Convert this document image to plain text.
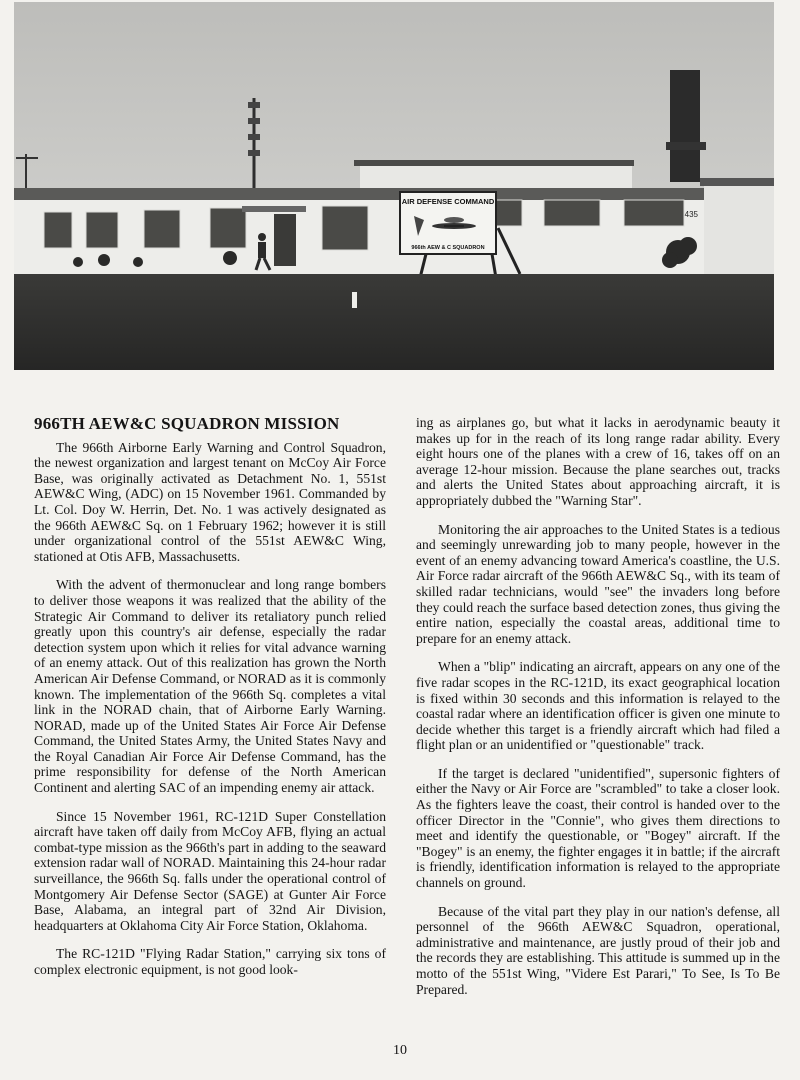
AIR DEFENSE COMMAND
966th AEW & C SQUADRON
435
966TH AEW&C SQUADRON MISSION

The 966th Airborne Early Warning and Control Squadron, the newest organization and largest tenant on McCoy Air Force Base, was originally activated as Detachment No. 1, 551st AEW&C Wing, (ADC) on 15 November 1961. Commanded by Lt. Col. Doy W. Herrin, Det. No. 1 was actively designated as the 966th AEW&C Sq. on 1 February 1962; however it is still under organizational control of the 551st AEW&C Wing, stationed at Otis AFB, Massachusetts.

With the advent of thermonuclear and long range bombers to deliver those weapons it was realized that the ability of the Strategic Air Command to deliver its retaliatory punch relied greatly upon this country's air defense, especially the radar detection system upon which it relies for vital advance warning of an enemy attack. Out of this realization has grown the North American Air Defense Command, or NORAD as it is commonly known. The implementation of the 966th Sq. completes a vital link in the NORAD chain, that of Airborne Early Warning. NORAD, made up of the United States Air Force Air Defense Command, the United States Army, the United States Navy and the Royal Canadian Air Force Air Defense Command, has the prime responsibility for defense of the North American Continent and alerting SAC of an impending enemy air attack.

Since 15 November 1961, RC-121D Super Constellation aircraft have taken off daily from McCoy AFB, flying an actual combat-type mission as the 966th's part in adding to the seaward extension radar wall of NORAD. Maintaining this 24-hour radar surveillance, the 966th Sq. falls under the operational control of Montgomery Air Defense Sector (SAGE) at Gunter Air Force Base, Alabama, an integral part of 32nd Air Division, headquarters at Oklahoma City Air Force Station, Oklahoma.

The RC-121D "Flying Radar Station," carrying six tons of complex electronic equipment, is not good look-

ing as airplanes go, but what it lacks in aerodynamic beauty it makes up for in the reach of its long range radar ability. Every eight hours one of the planes with a crew of 16, takes off on an average 12-hour mission. Because the plane searches out, tracks and alerts the United States about approaching aircraft, it is appropriately dubbed the "Warning Star".

Monitoring the air approaches to the United States is a tedious and seemingly unrewarding job to many people, however in the event of an enemy advancing toward America's coastline, the U.S. Air Force radar aircraft of the 966th AEW&C Sq., with its team of skilled radar technicians, would "see" the invaders long before they could reach the surface based detection zones, thus giving the entire nation, especially the coastal areas, additional time to prepare for an enemy attack.

When a "blip" indicating an aircraft, appears on any one of the five radar scopes in the RC-121D, its exact geographical location is fixed within 30 seconds and this information is relayed to the coastal radar where an identification officer is given one minute to decide whether this target is a friendly aircraft which had filed a flight plan or an unidentified or "questionable" track.

If the target is declared "unidentified", supersonic fighters of either the Navy or Air Force are "scrambled" to take a closer look. As the fighters leave the coast, their control is handed over to the officer Director in the "Connie", who gives them directions to meet and identify the questionable, or "Bogey" aircraft. If the "Bogey" is an enemy, the fighter engages it in battle; if the aircraft is friendly, identification information is relayed to the appropriate channels on ground.

Because of the vital part they play in our nation's defense, all personnel of the 966th AEW&C Squadron, operational, administrative and maintenance, are justly proud of their job and the records they are establishing. This attitude is summed up in the motto of the 551st Wing, "Videre Est Parari," To See, Is To Be Prepared.

10
